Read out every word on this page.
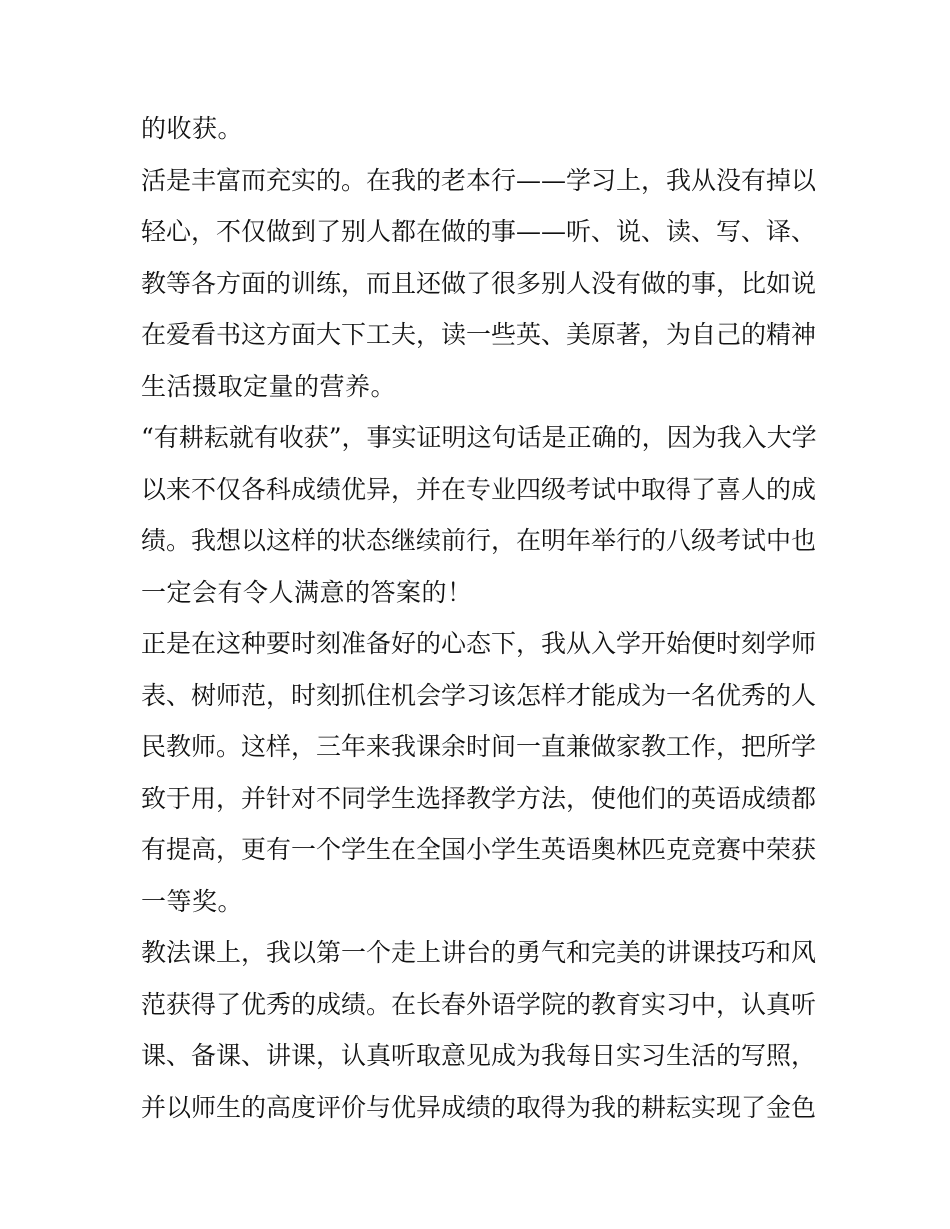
的收获。
活是丰富而充实的。在我的老本行——学习上，我从没有掉以
轻心，不仅做到了别人都在做的事——听、说、读、写、译、
教等各方面的训练，而且还做了很多别人没有做的事，比如说
在爱看书这方面大下工夫，读一些英、美原著，为自己的精神
生活摄取定量的营养。
“有耕耘就有收获”，事实证明这句话是正确的，因为我入大学
以来不仅各科成绩优异，并在专业四级考试中取得了喜人的成
绩。我想以这样的状态继续前行，在明年举行的八级考试中也
一定会有令人满意的答案的！
正是在这种要时刻准备好的心态下，我从入学开始便时刻学师
表、树师范，时刻抓住机会学习该怎样才能成为一名优秀的人
民教师。这样，三年来我课余时间一直兼做家教工作，把所学
致于用，并针对不同学生选择教学方法，使他们的英语成绩都
有提高，更有一个学生在全国小学生英语奥林匹克竞赛中荣获
一等奖。
教法课上，我以第一个走上讲台的勇气和完美的讲课技巧和风
范获得了优秀的成绩。在长春外语学院的教育实习中，认真听
课、备课、讲课，认真听取意见成为我每日实习生活的写照，
并以师生的高度评价与优异成绩的取得为我的耕耘实现了金色
